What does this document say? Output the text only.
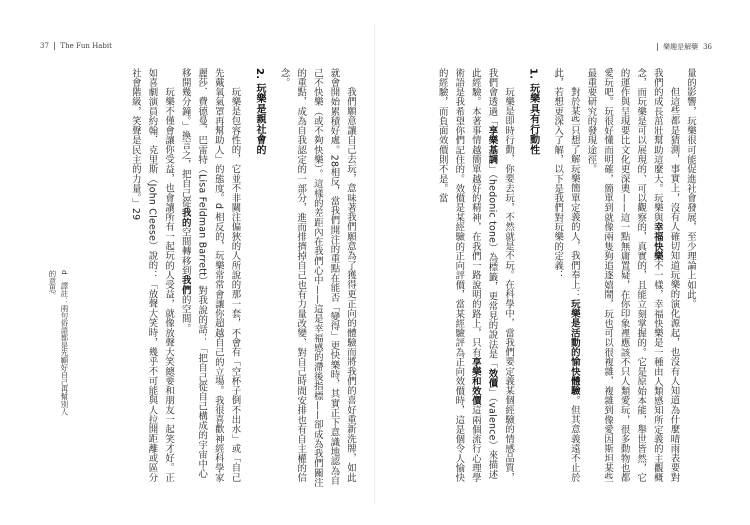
37 The Fun Habit	樂趣是解藥 36

量的影響，玩樂很可能促進社會發展，至少理論上如此。

但這些都是猜測，事實上，沒有人確切知道玩樂的演化源起，也沒有人知道為什麼晴雨表要對我們的成長茁壯幫助這麼大。玩樂與幸福快樂不一樣，幸福快樂是一種由人類感知所定義的主觀概念，而玩樂是可以展現的、可以觀察的，真實的，且能立刻掌握的。它是原始本能，舉世皆然，它的運作與呈現要比文化更深奧——這一點無庸置疑，在你印象裡應該不只人類愛玩，很多動物也都愛玩吧。玩很好懂而明確，簡單到就像兩隻狗追逐嬉鬧，玩也可以很複雜，複雜到像愛因斯坦某些最重要研究的發現途徑。

對於某些只想了解玩樂簡單定義的人，我們奉上：玩樂是活動的愉快體驗。但其意義遠不止於此，若想更深入了解，以下是我們對玩樂的定義：

1. 玩樂具有行動性

玩樂是即時行動，你要去玩，不然就是不玩。在科學中，當我們要定義某個經驗的情感品質，我們會透過「享樂基調」（hedonic tone）為標籤，更常見的說法是「效價」（valence）來描述此經驗。本著事情越簡單越好的精神，在我們一路說明的路上，只有享樂和效價這兩個流行心理學術語是我希望你們記住的。效價是某經驗的正向評價，當某經驗評為正向效價時，這是個令人愉快的經驗，而負面效價則不是。當

我們願意讓自己去玩，意味著我們願意為了獲得更正向的體驗而將我們的喜好重新洗牌，如此就會開始累積好處。28相反，當我們開注的重點在能否「變得」更快樂時，其實正下意識地認為自己不快樂（或不夠快樂）。這樣的差距內在我們心中——這是幸福感的滯後指標——卻成為我們關注的重點，成為自我認定的一部分，進而排擠掉自己也有力量改變、對自己時間安排也有自主權的信念。

2. 玩樂是親社會的

玩樂是包容性的，它並不非關注偏狹的人所說的那一套，不會有「空杯子倒不出水」或「自己先戴氧氣罩再幫助人」的態度。d 相反的，玩樂常常會讓你超越自己的立場。我很喜歡神經科學家麗莎．費德曼．巴雷特（Lisa Feldman Barrett）對我說的話：「把自己從自己構成的宇宙中心移開幾分鐘。」換言之，把自己從我的空間轉移到我們的空間。

玩樂不僅會讓你受益，也會讓所有一起玩的人受益，就像放聲大笑總要和朋友一起笑才好。正如喜劇演員約翰．克里斯（John Cleese）說的：「放聲大笑時，幾乎不可能與人拉開距離或區分社會階級，笑聲是民主的力量。」29

d　譯註：兩句俗語都是先顧好自己再幫別人的意思。
